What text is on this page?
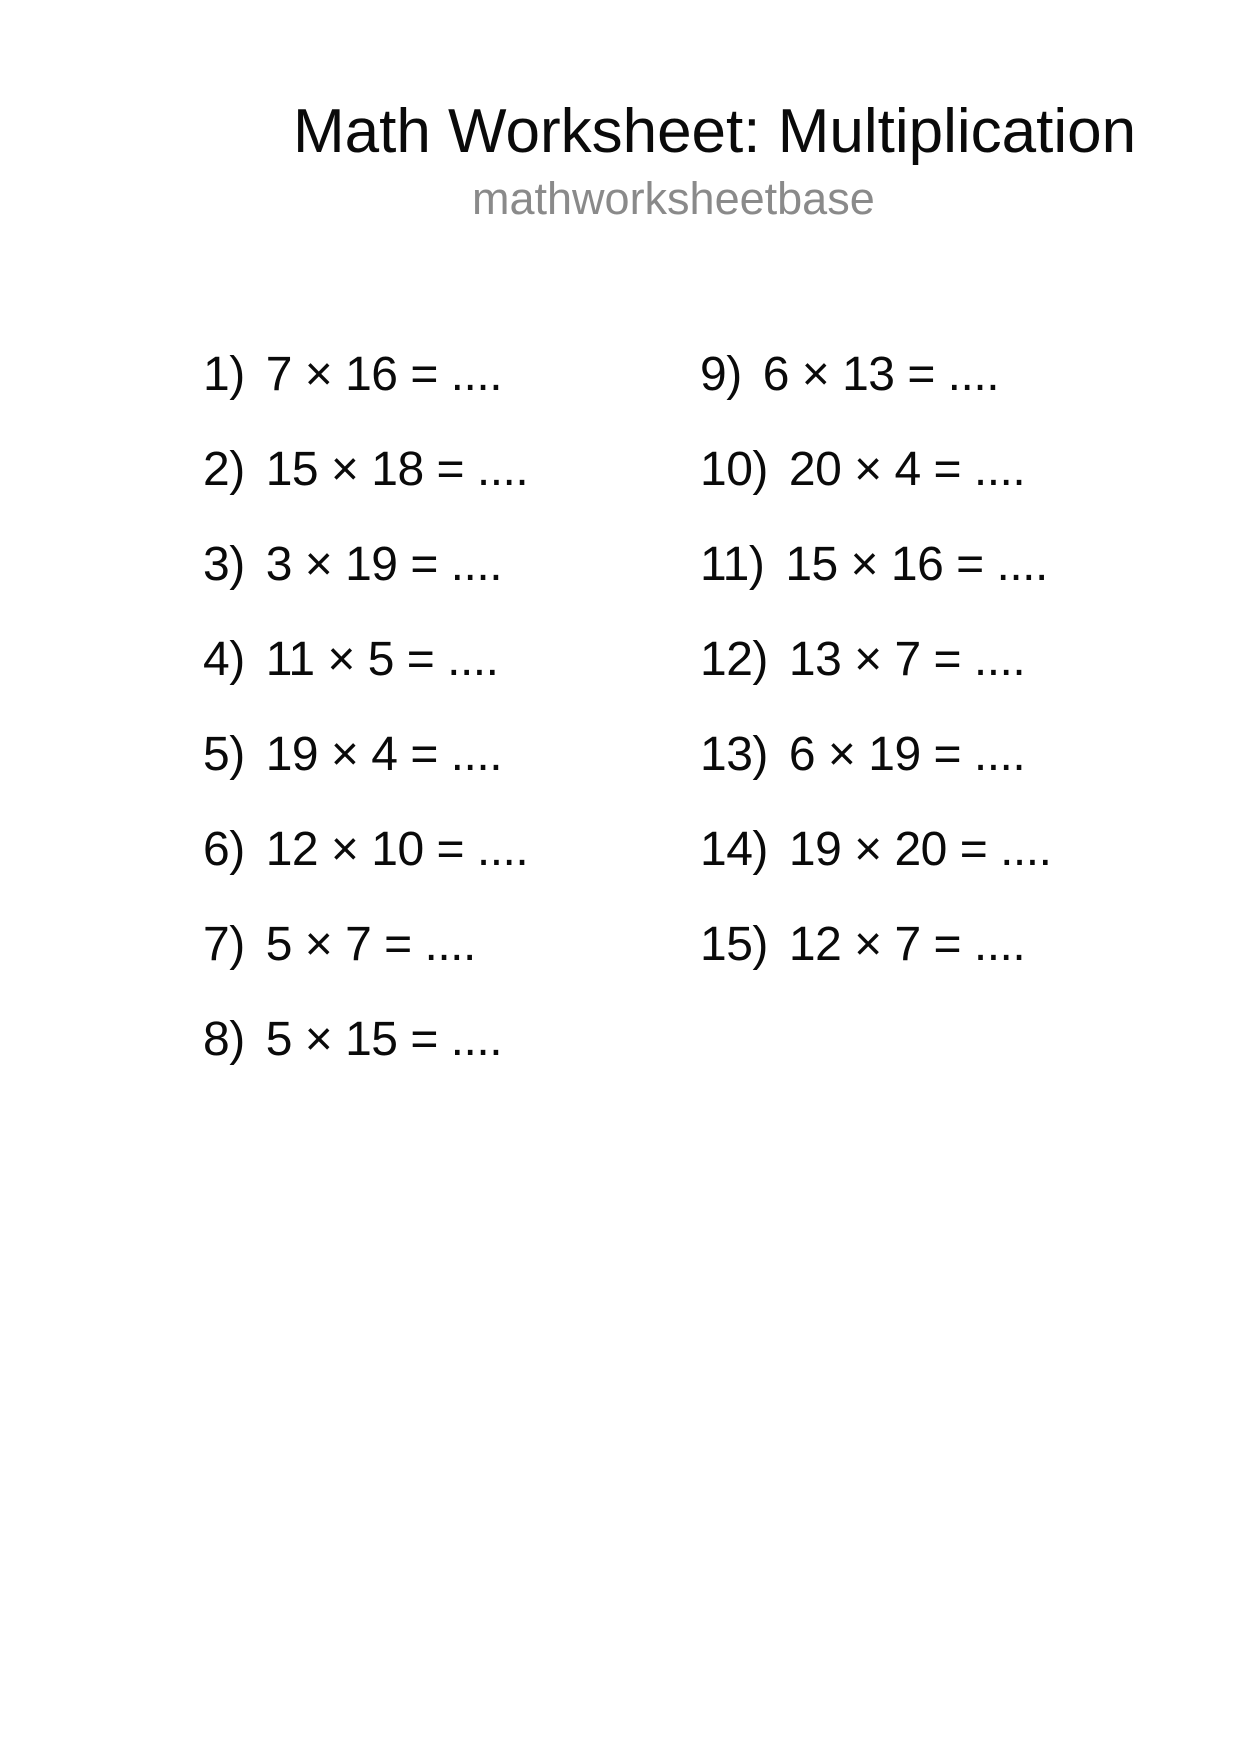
Math Worksheet: Multiplication
mathworksheetbase
1) 7 × 16 = ....
2) 15 × 18 = ....
3) 3 × 19 = ....
4) 11 × 5 = ....
5) 19 × 4 = ....
6) 12 × 10 = ....
7) 5 × 7 = ....
8) 5 × 15 = ....
9) 6 × 13 = ....
10) 20 × 4 = ....
11) 15 × 16 = ....
12) 13 × 7 = ....
13) 6 × 19 = ....
14) 19 × 20 = ....
15) 12 × 7 = ....
